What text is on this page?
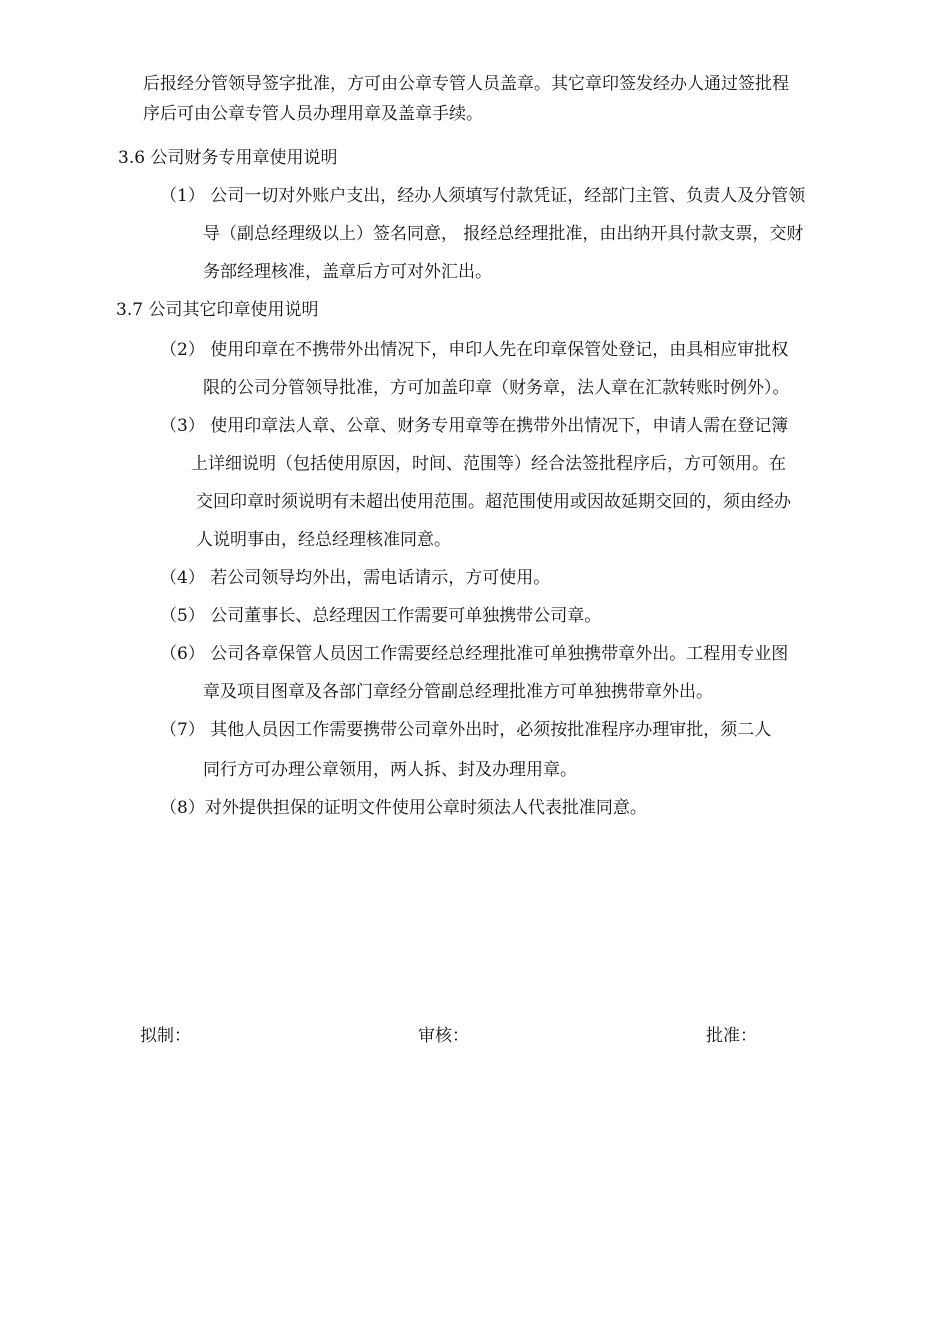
后报经分管领导签字批准，方可由公章专管人员盖章。其它章印签发经办人通过签批程
序后可由公章专管人员办理用章及盖章手续。
3.6 公司财务专用章使用说明
（1） 公司一切对外账户支出，经办人须填写付款凭证，经部门主管、负责人及分管领
导（副总经理级以上）签名同意， 报经总经理批准，由出纳开具付款支票，交财
务部经理核准，盖章后方可对外汇出。
3.7 公司其它印章使用说明
（2） 使用印章在不携带外出情况下，申印人先在印章保管处登记，由具相应审批权
限的公司分管领导批准，方可加盖印章（财务章，法人章在汇款转账时例外）。
（3） 使用印章法人章、公章、财务专用章等在携带外出情况下，申请人需在登记簿
上详细说明（包括使用原因，时间、范围等）经合法签批程序后，方可领用。在
交回印章时须说明有未超出使用范围。超范围使用或因故延期交回的，须由经办
人说明事由，经总经理核准同意。
（4） 若公司领导均外出，需电话请示，方可使用。
（5） 公司董事长、总经理因工作需要可单独携带公司章。
（6） 公司各章保管人员因工作需要经总经理批准可单独携带章外出。工程用专业图
章及项目图章及各部门章经分管副总经理批准方可单独携带章外出。
（7） 其他人员因工作需要携带公司章外出时，必须按批准程序办理审批，须二人
同行方可办理公章领用，两人拆、封及办理用章。
（8）对外提供担保的证明文件使用公章时须法人代表批准同意。
拟制：	审核：	批准：
